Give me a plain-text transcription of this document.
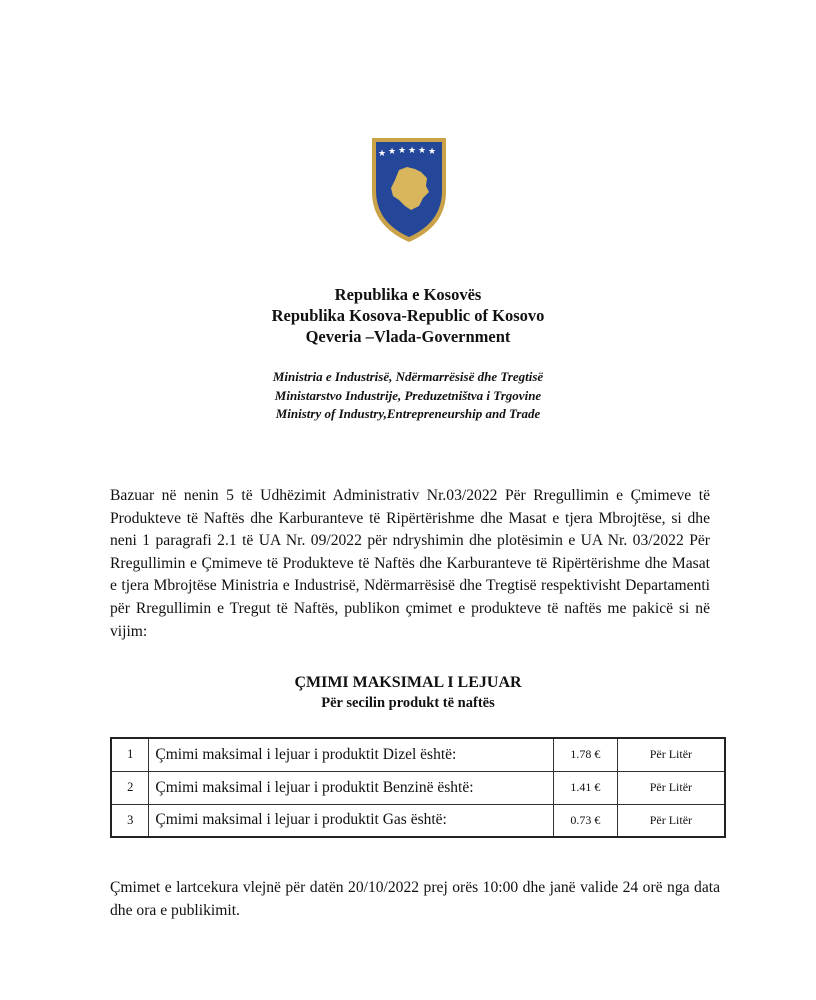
★ ★ ★ ★ ★ ★
Republika e Kosovës
Republika Kosova-Republic of Kosovo
Qeveria –Vlada-Government
Ministria e Industrisë, Ndërmarrësisë dhe Tregtisë
Ministarstvo Industrije, Preduzetništva i Trgovine
Ministry of Industry,Entrepreneurship and Trade

Bazuar në nenin 5 të Udhëzimit Administrativ Nr.03/2022 Për Rregullimin e Çmimeve të Produkteve të Naftës dhe Karburanteve të Ripërtërishme dhe Masat e tjera Mbrojtëse, si dhe neni 1 paragrafi 2.1 të UA Nr. 09/2022 për ndryshimin dhe plotësimin e UA Nr. 03/2022 Për Rregullimin e Çmimeve të Produkteve të Naftës dhe Karburanteve të Ripërtërishme dhe Masat e tjera Mbrojtëse Ministria e Industrisë, Ndërmarrësisë dhe Tregtisë respektivisht Departamenti për Rregullimin e Tregut të Naftës, publikon çmimet e produkteve të naftës me pakicë si në vijim:

ÇMIMI MAKSIMAL I LEJUAR
Për secilin produkt të naftës
1	Çmimi maksimal i lejuar i produktit Dizel është:	1.78 €	Për Litër
2	Çmimi maksimal i lejuar i produktit Benzinë është:	1.41 €	Për Litër
3	Çmimi maksimal i lejuar i produktit Gas është:	0.73 €	Për Litër

Çmimet e lartcekura vlejnë për datën 20/10/2022 prej orës 10:00 dhe janë valide 24 orë nga data dhe ora e publikimit.
